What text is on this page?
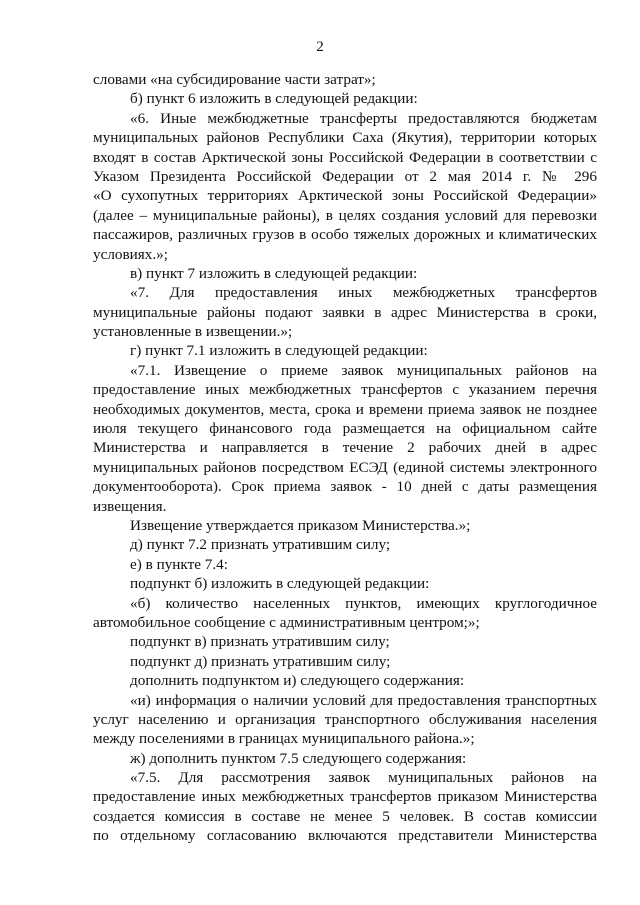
2
словами «на субсидирование части затрат»;
б) пункт 6 изложить в следующей редакции:
«6. Иные межбюджетные трансферты предоставляются бюджетам
муниципальных районов Республики Саха (Якутия), территории которых
входят в состав Арктической зоны Российской Федерации в соответствии с
Указом Президента Российской Федерации от 2 мая 2014 г. № 296
«О сухопутных территориях Арктической зоны Российской Федерации»
(далее – муниципальные районы), в целях создания условий для перевозки
пассажиров, различных грузов в особо тяжелых дорожных и климатических
условиях.»;
в) пункт 7 изложить в следующей редакции:
«7. Для предоставления иных межбюджетных трансфертов
муниципальные районы подают заявки в адрес Министерства в сроки,
установленные в извещении.»;
г) пункт 7.1 изложить в следующей редакции:
«7.1. Извещение о приеме заявок муниципальных районов на
предоставление иных межбюджетных трансфертов с указанием перечня
необходимых документов, места, срока и времени приема заявок не позднее
июля текущего финансового года размещается на официальном сайте
Министерства и направляется в течение 2 рабочих дней в адрес
муниципальных районов посредством ЕСЭД (единой системы электронного
документооборота). Срок приема заявок - 10 дней с даты размещения
извещения.
Извещение утверждается приказом Министерства.»;
д) пункт 7.2 признать утратившим силу;
е) в пункте 7.4:
подпункт б) изложить в следующей редакции:
«б) количество населенных пунктов, имеющих круглогодичное
автомобильное сообщение с административным центром;»;
подпункт в) признать утратившим силу;
подпункт д) признать утратившим силу;
дополнить подпунктом и) следующего содержания:
«и) информация о наличии условий для предоставления транспортных
услуг населению и организация транспортного обслуживания населения
между поселениями в границах муниципального района.»;
ж) дополнить пунктом 7.5 следующего содержания:
«7.5. Для рассмотрения заявок муниципальных районов на
предоставление иных межбюджетных трансфертов приказом Министерства
создается комиссия в составе не менее 5 человек. В состав комиссии
по отдельному согласованию включаются представители Министерства
